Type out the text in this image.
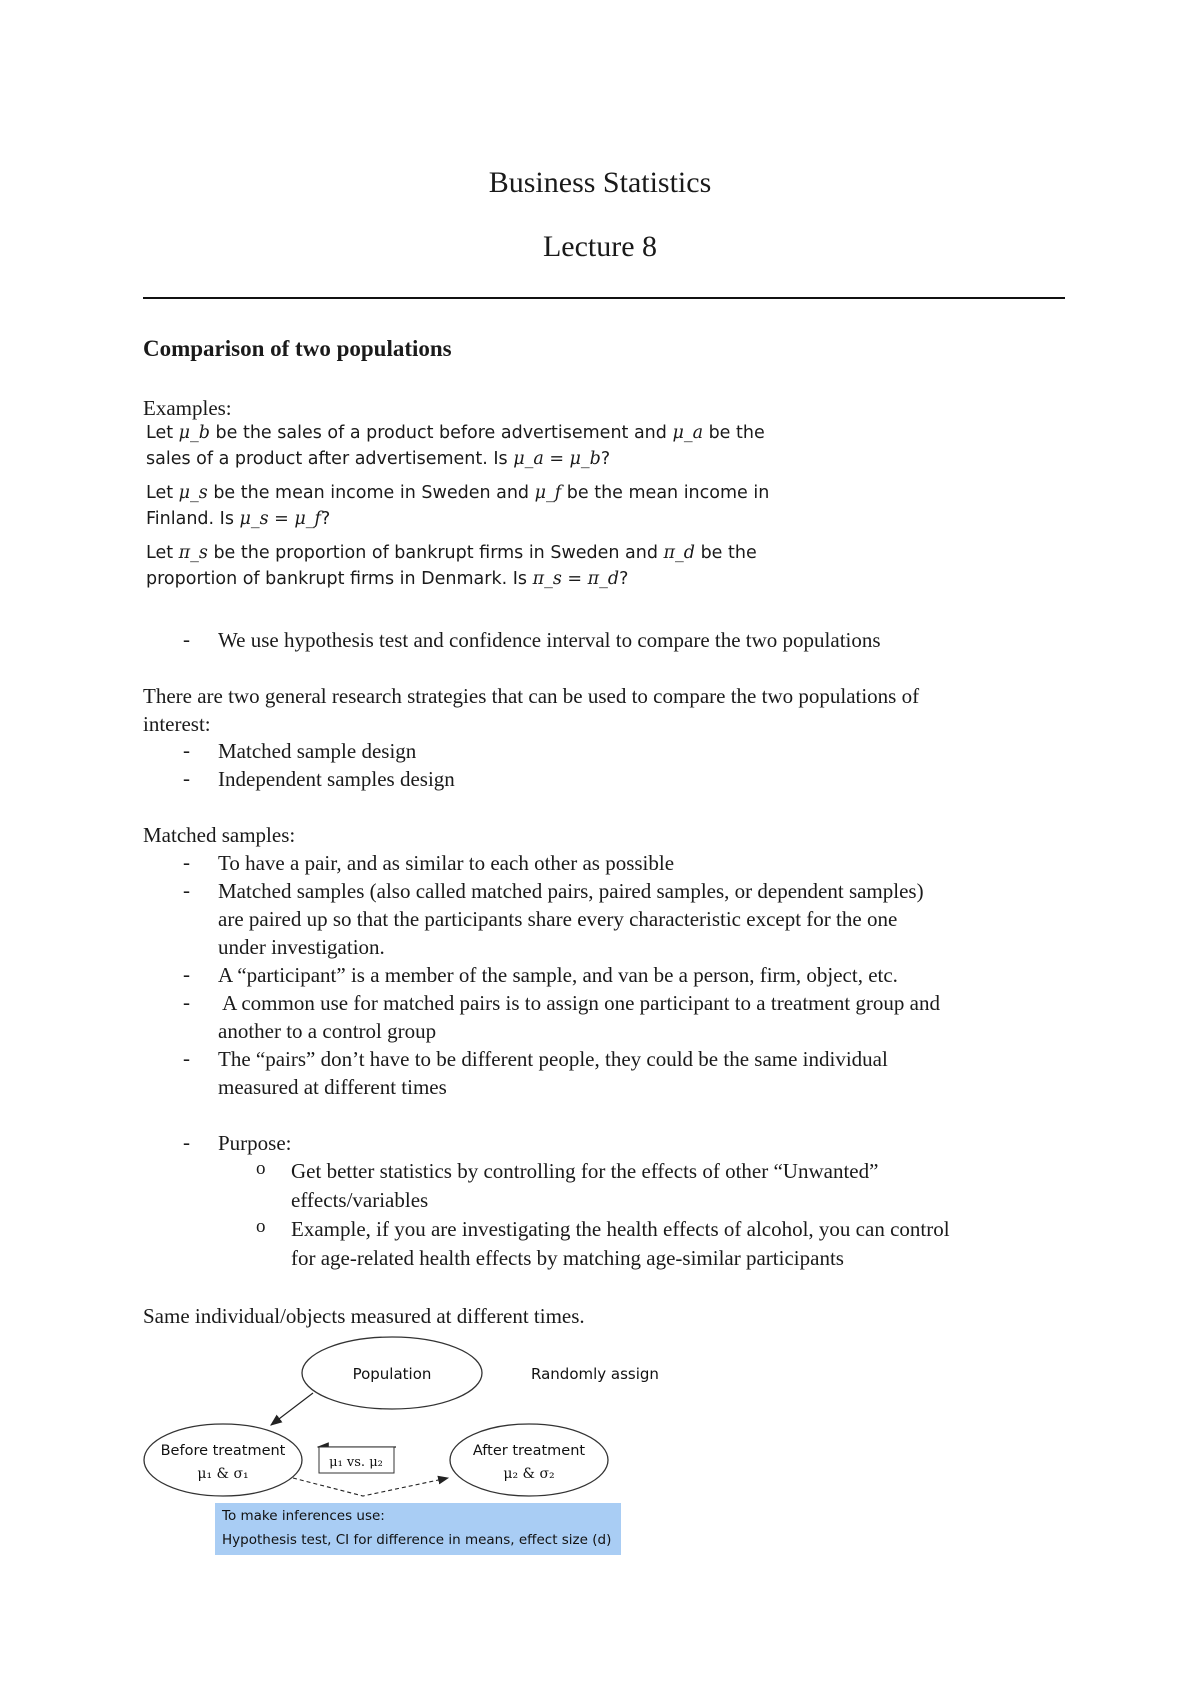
Business Statistics
Lecture 8
Comparison of two populations
Examples:
Let μ_b be the sales of a product before advertisement and μ_a be the
sales of a product after advertisement. Is μ_a = μ_b?
Let μ_s be the mean income in Sweden and μ_f be the mean income in
Finland. Is μ_s = μ_f?
Let π_s be the proportion of bankrupt firms in Sweden and π_d be the
proportion of bankrupt firms in Denmark. Is π_s = π_d?
- We use hypothesis test and confidence interval to compare the two populations
There are two general research strategies that can be used to compare the two populations of
interest:
- Matched sample design
- Independent samples design
Matched samples:
- To have a pair, and as similar to each other as possible
- Matched samples (also called matched pairs, paired samples, or dependent samples)
are paired up so that the participants share every characteristic except for the one
under investigation.
- A “participant” is a member of the sample, and van be a person, firm, object, etc.
- A common use for matched pairs is to assign one participant to a treatment group and
another to a control group
- The “pairs” don’t have to be different people, they could be the same individual
measured at different times
- Purpose:
o Get better statistics by controlling for the effects of other “Unwanted”
effects/variables
o Example, if you are investigating the health effects of alcohol, you can control
for age-related health effects by matching age-similar participants
Same individual/objects measured at different times.
Population	Randomly assign
Before treatment
μ₁ & σ₁
After treatment
μ₂ & σ₂
μ₁ vs. μ₂
To make inferences use:
Hypothesis test, CI for difference in means, effect size (d)
